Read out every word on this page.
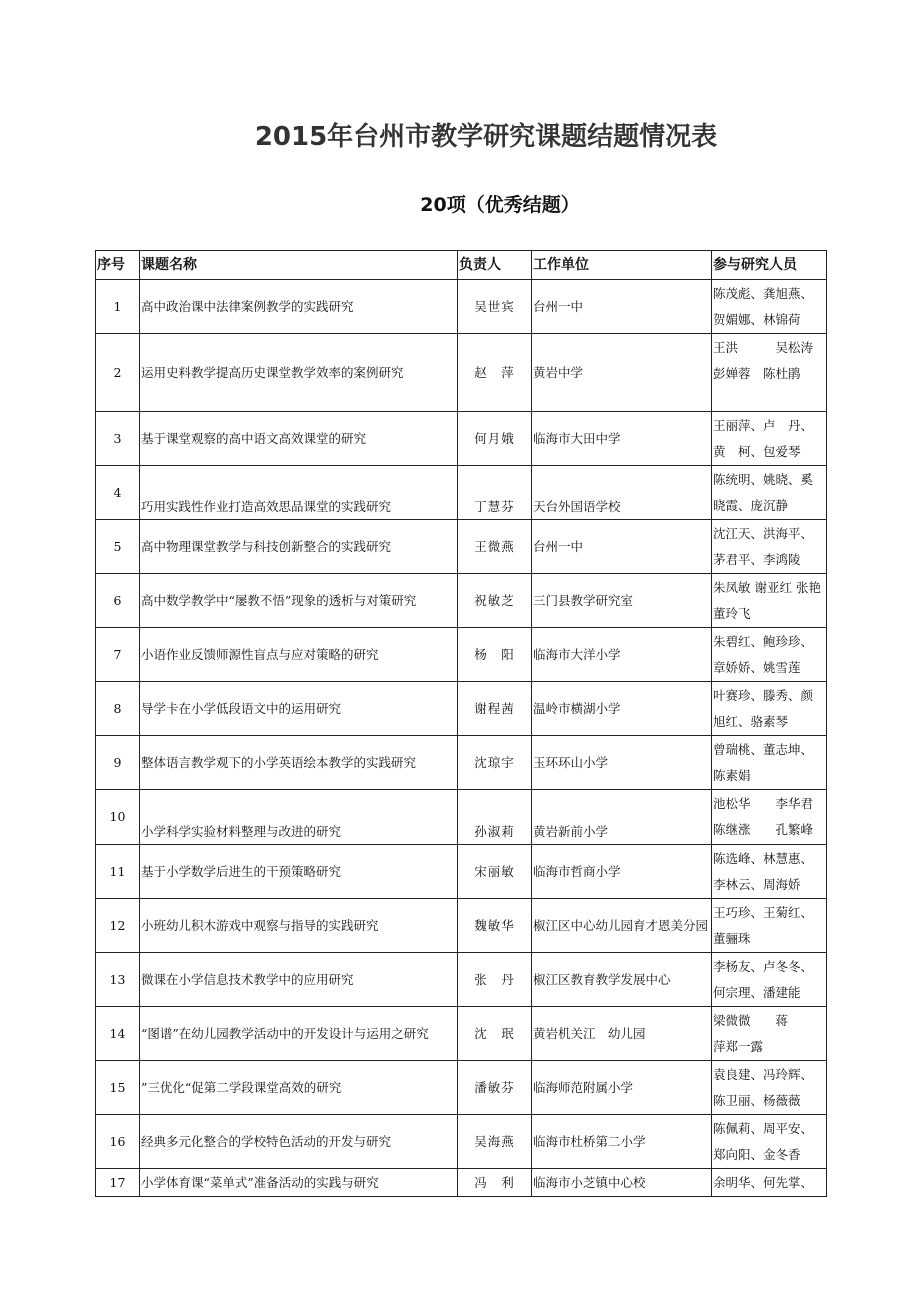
2015年台州市教学研究课题结题情况表
20项（优秀结题）
序号	课题名称	负责人	工作单位	参与研究人员
1	高中政治课中法律案例教学的实践研究	吴世宾	台州一中	陈茂彪、龚旭燕、贺媚娜、林锦荷
2	运用史料教学提高历史课堂教学效率的案例研究	赵　萍	黄岩中学	王洪　　　吴松涛　彭婵蓉　陈杜鹃
3	基于课堂观察的高中语文高效课堂的研究	何月娥	临海市大田中学	王丽萍、卢　丹、黄　柯、包爱琴
4	巧用实践性作业打造高效思品课堂的实践研究	丁慧芬	天台外国语学校	陈统明、姚晓、奚晓霞、庞沉静
5	高中物理课堂教学与科技创新整合的实践研究	王微燕	台州一中	沈江天、洪海平、茅君平、李鸿陵
6	高中数学教学中“屡教不悟”现象的透析与对策研究	祝敏芝	三门县教学研究室	朱凤敏 谢亚红 张艳 董玲飞
7	小语作业反馈师源性盲点与应对策略的研究	杨　阳	临海市大洋小学	朱碧红、鲍珍珍、章娇娇、姚雪莲
8	导学卡在小学低段语文中的运用研究	谢程茜	温岭市横湖小学	叶赛珍、滕秀、颜旭红、骆素琴
9	整体语言教学观下的小学英语绘本教学的实践研究	沈琼宇	玉环环山小学	曾瑞桃、董志坤、陈素娟
10	小学科学实验材料整理与改进的研究	孙淑莉	黄岩新前小学	池松华　　李华君陈继涨　　孔繁峰
11	基于小学数学后进生的干预策略研究	宋丽敏	临海市哲商小学	陈选峰、林慧惠、李林云、周海娇
12	小班幼儿积木游戏中观察与指导的实践研究	魏敏华	椒江区中心幼儿园育才恩美分园	王巧珍、王菊红、董骊珠
13	微课在小学信息技术教学中的应用研究	张　丹	椒江区教育教学发展中心	李杨友、卢冬冬、何宗理、潘建能
14	“图谱”在幼儿园教学活动中的开发设计与运用之研究	沈　珉	黄岩机关江　幼儿园	梁微微　　蒋　　萍郑一露
15	”三优化“促第二学段课堂高效的研究	潘敏芬	临海师范附属小学	袁良建、冯玲辉、陈卫丽、杨薇薇
16	经典多元化整合的学校特色活动的开发与研究	吴海燕	临海市杜桥第二小学	陈佩莉、周平安、郑向阳、金冬香
17	小学体育课“菜单式”准备活动的实践与研究	冯　利	临海市小芝镇中心校	余明华、何先掌、
